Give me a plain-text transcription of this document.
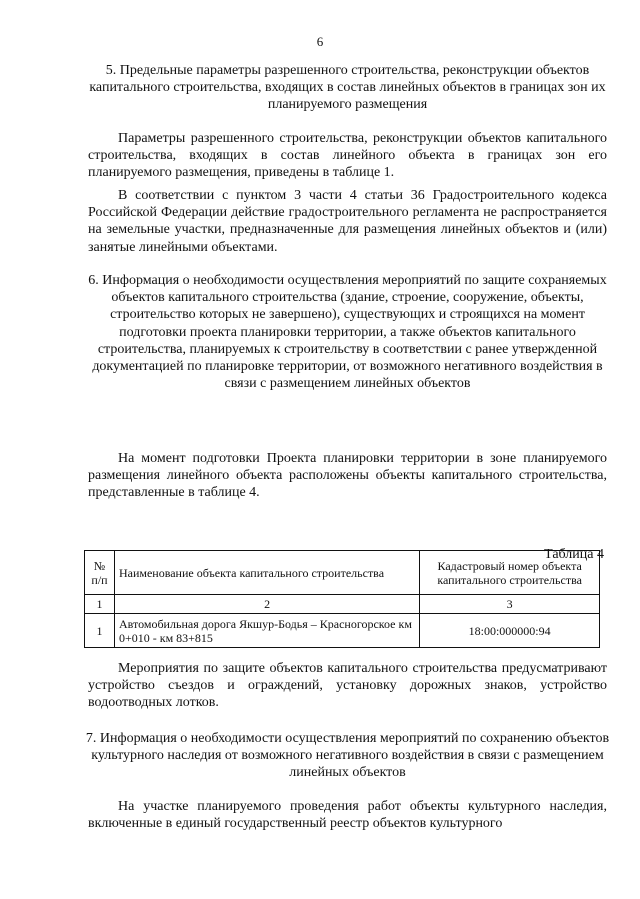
6
5. Предельные параметры разрешенного строительства, реконструкции объектов капитального строительства, входящих в состав линейных объектов в границах зон их планируемого размещения
Параметры разрешенного строительства, реконструкции объектов капитального строительства, входящих в состав линейного объекта в границах зон его планируемого размещения, приведены в таблице 1.
В соответствии с пунктом 3 части 4 статьи 36 Градостроительного кодекса Российской Федерации действие градостроительного регламента не распространяется на земельные участки, предназначенные для размещения линейных объектов и (или) занятые линейными объектами.
6. Информация о необходимости осуществления мероприятий по защите сохраняемых объектов капитального строительства (здание, строение, сооружение, объекты, строительство которых не завершено), существующих и строящихся на момент подготовки проекта планировки территории, а также объектов капитального строительства, планируемых к строительству в соответствии с ранее утвержденной документацией по планировке территории, от возможного негативного воздействия в связи с размещением линейных объектов
На момент подготовки Проекта планировки территории в зоне планируемого размещения линейного объекта расположены объекты капитального строительства, представленные в таблице 4.
Таблица 4
№ п/п	Наименование объекта капитального строительства	Кадастровый номер объекта капитального строительства
1	2	3
1	Автомобильная дорога Якшур-Бодья – Красногорское км 0+010 - км 83+815	18:00:000000:94
Мероприятия по защите объектов капитального строительства предусматривают устройство съездов и ограждений, установку дорожных знаков, устройство водоотводных лотков.
7. Информация о необходимости осуществления мероприятий по сохранению объектов культурного наследия от возможного негативного воздействия в связи с размещением линейных объектов
На участке планируемого проведения работ объекты культурного наследия, включенные в единый государственный реестр объектов культурного
